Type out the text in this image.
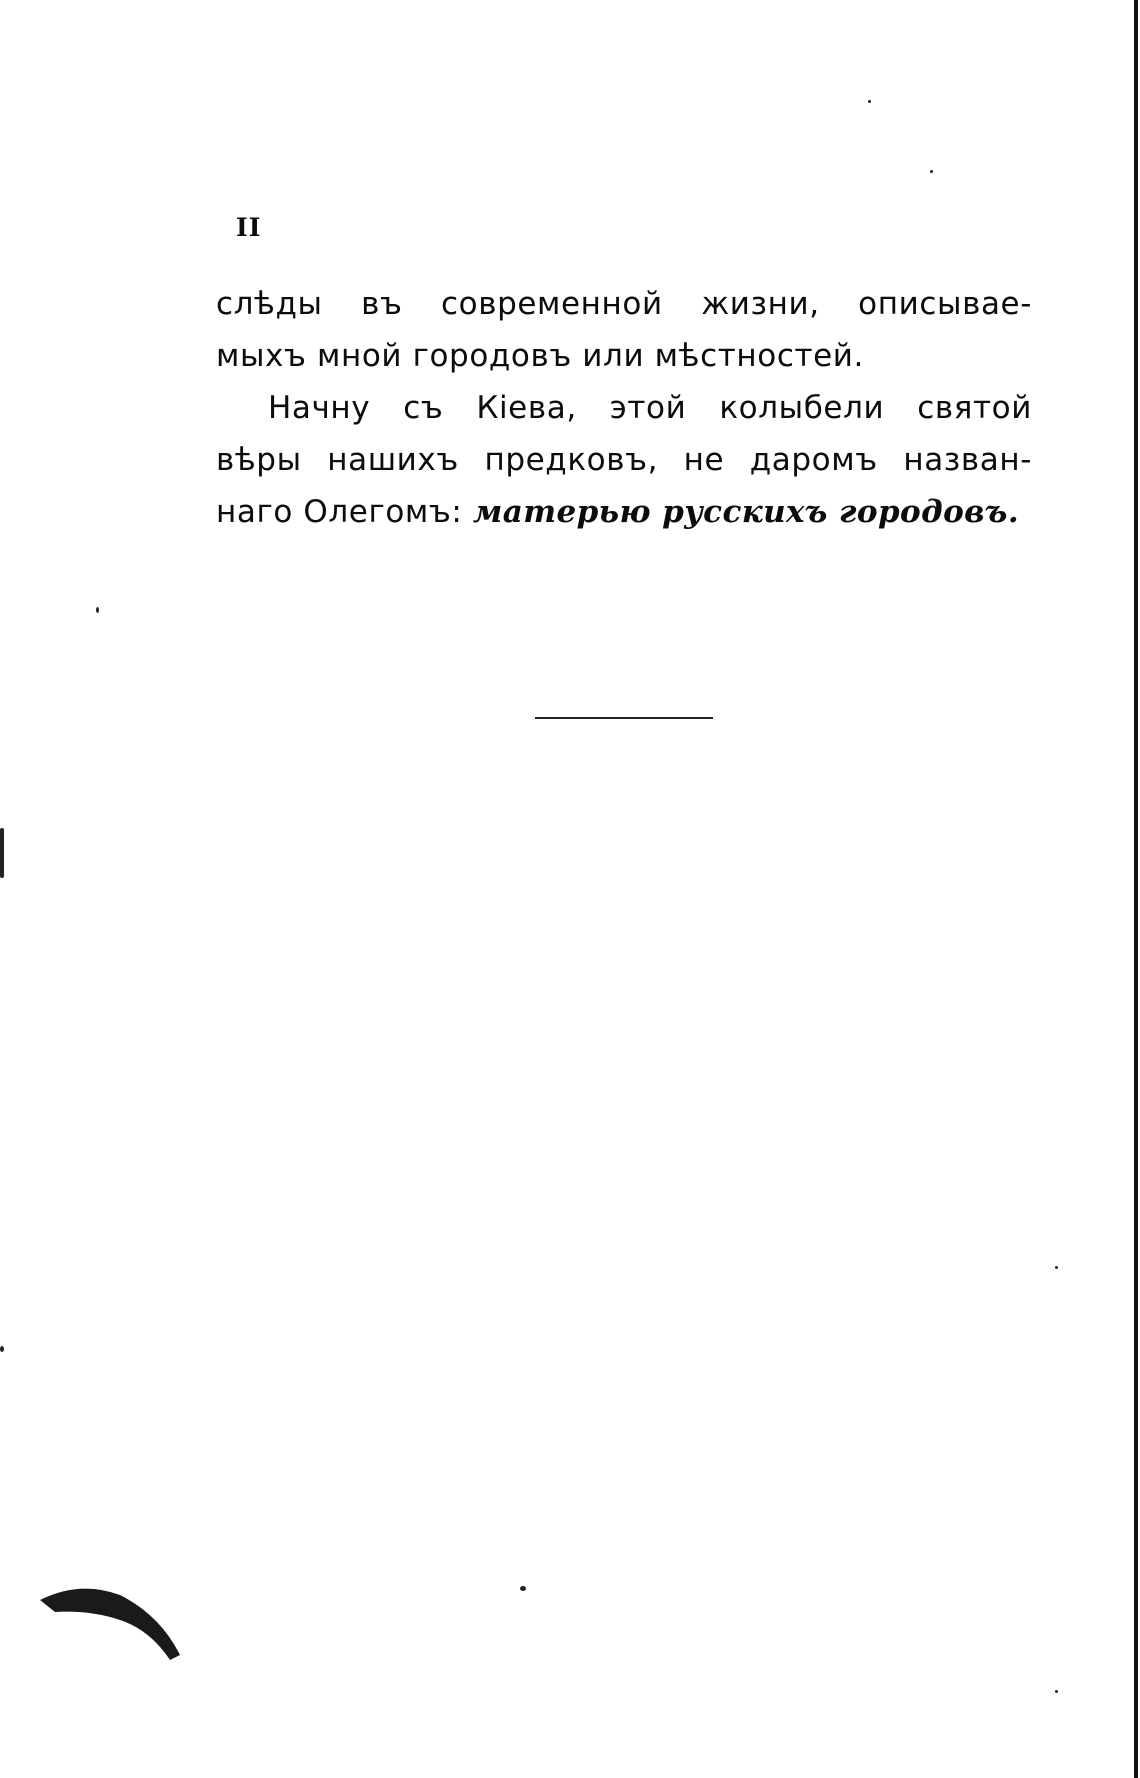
II
слѣды въ современной жизни, описывае-
мыхъ мной городовъ или мѣстностей.
Начну съ Кіева, этой колыбели святой
вѣры нашихъ предковъ, не даромъ назван-
наго Олегомъ: матерью русскихъ городовъ.
